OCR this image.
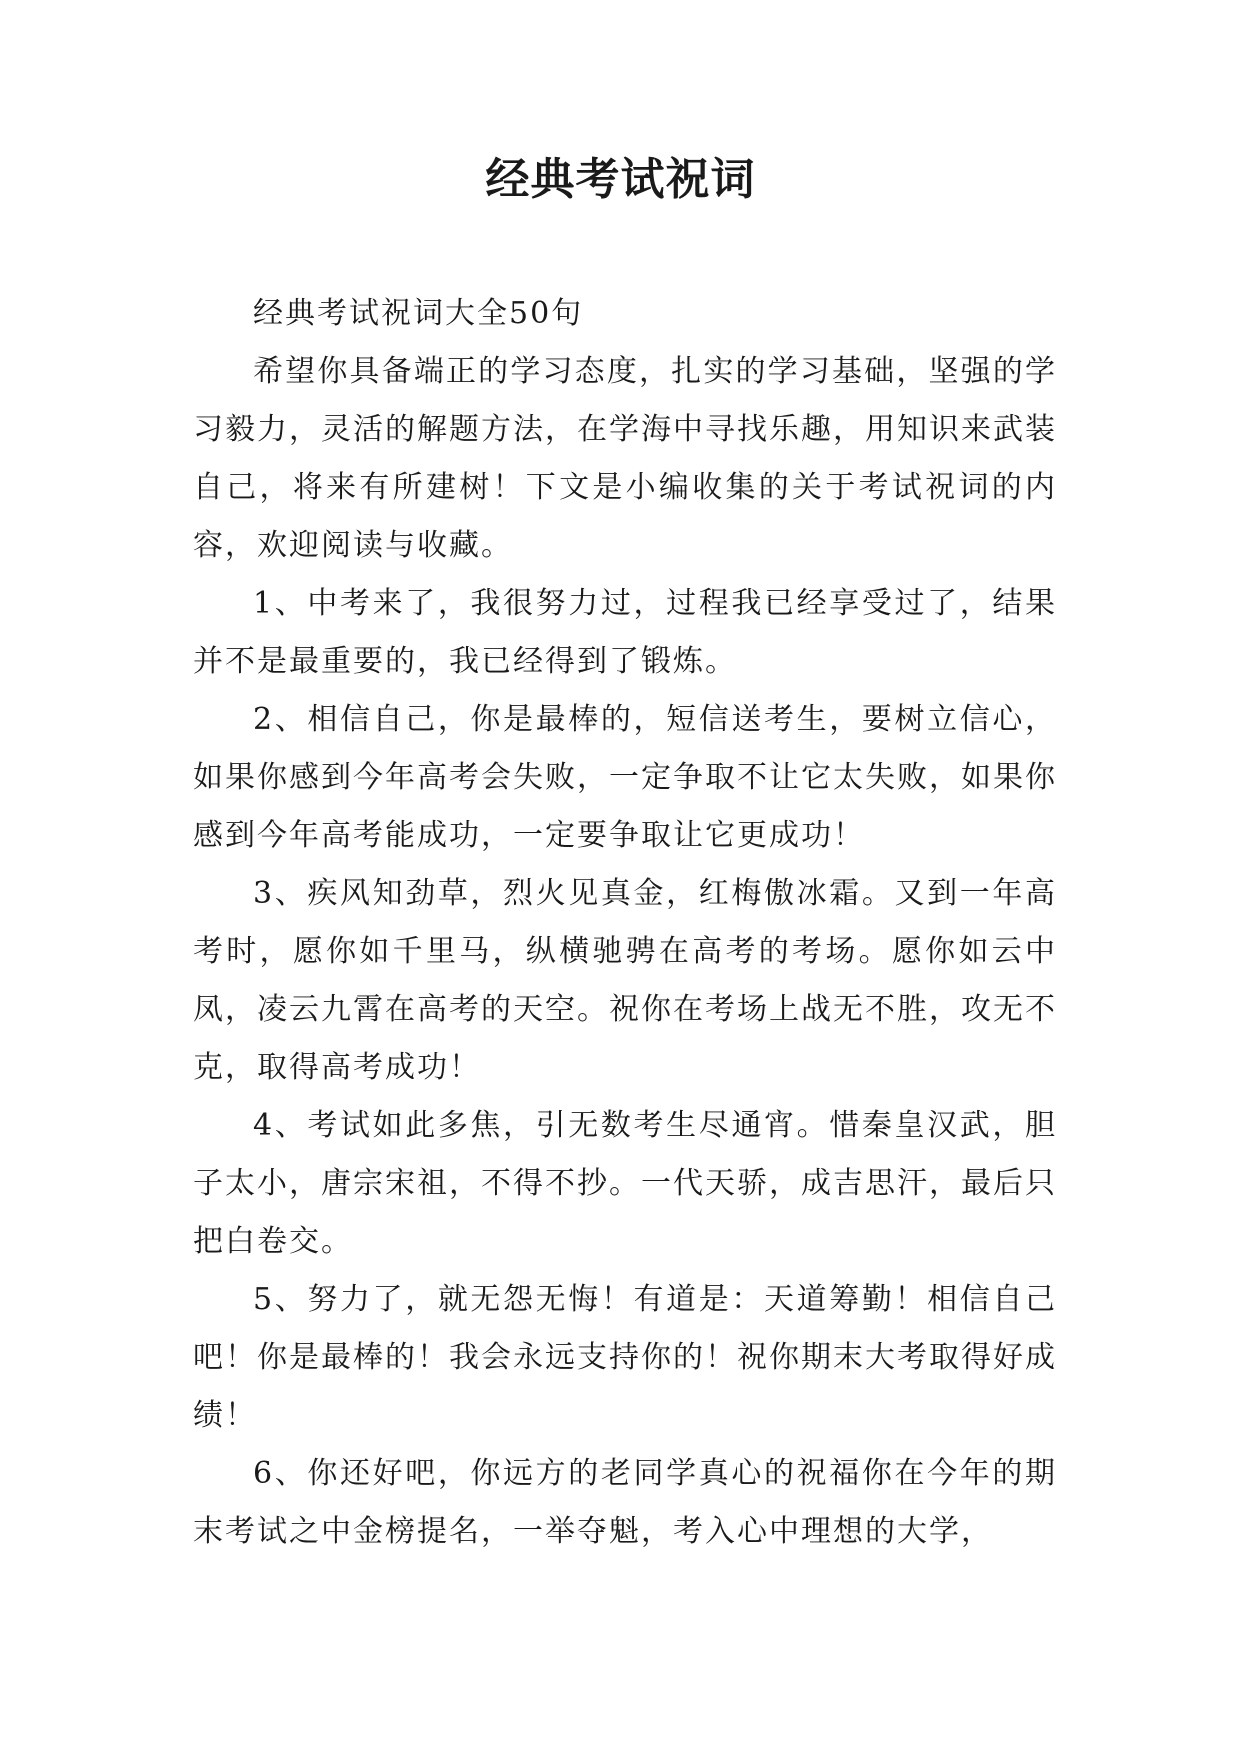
经典考试祝词

经典考试祝词大全50句

希望你具备端正的学习态度，扎实的学习基础，坚强的学习毅力，灵活的解题方法，在学海中寻找乐趣，用知识来武装自己，将来有所建树！下文是小编收集的关于考试祝词的内容，欢迎阅读与收藏。

1、中考来了，我很努力过，过程我已经享受过了，结果并不是最重要的，我已经得到了锻炼。

2、相信自己，你是最棒的，短信送考生，要树立信心，如果你感到今年高考会失败，一定争取不让它太失败，如果你感到今年高考能成功，一定要争取让它更成功！

3、疾风知劲草，烈火见真金，红梅傲冰霜。又到一年高考时，愿你如千里马，纵横驰骋在高考的考场。愿你如云中凤，凌云九霄在高考的天空。祝你在考场上战无不胜，攻无不克，取得高考成功！

4、考试如此多焦，引无数考生尽通宵。惜秦皇汉武，胆子太小，唐宗宋祖，不得不抄。一代天骄，成吉思汗，最后只把白卷交。

5、努力了，就无怨无悔！有道是：天道筹勤！相信自己吧！你是最棒的！我会永远支持你的！祝你期末大考取得好成绩！

6、你还好吧，你远方的老同学真心的祝福你在今年的期末考试之中金榜提名，一举夺魁，考入心中理想的大学，
